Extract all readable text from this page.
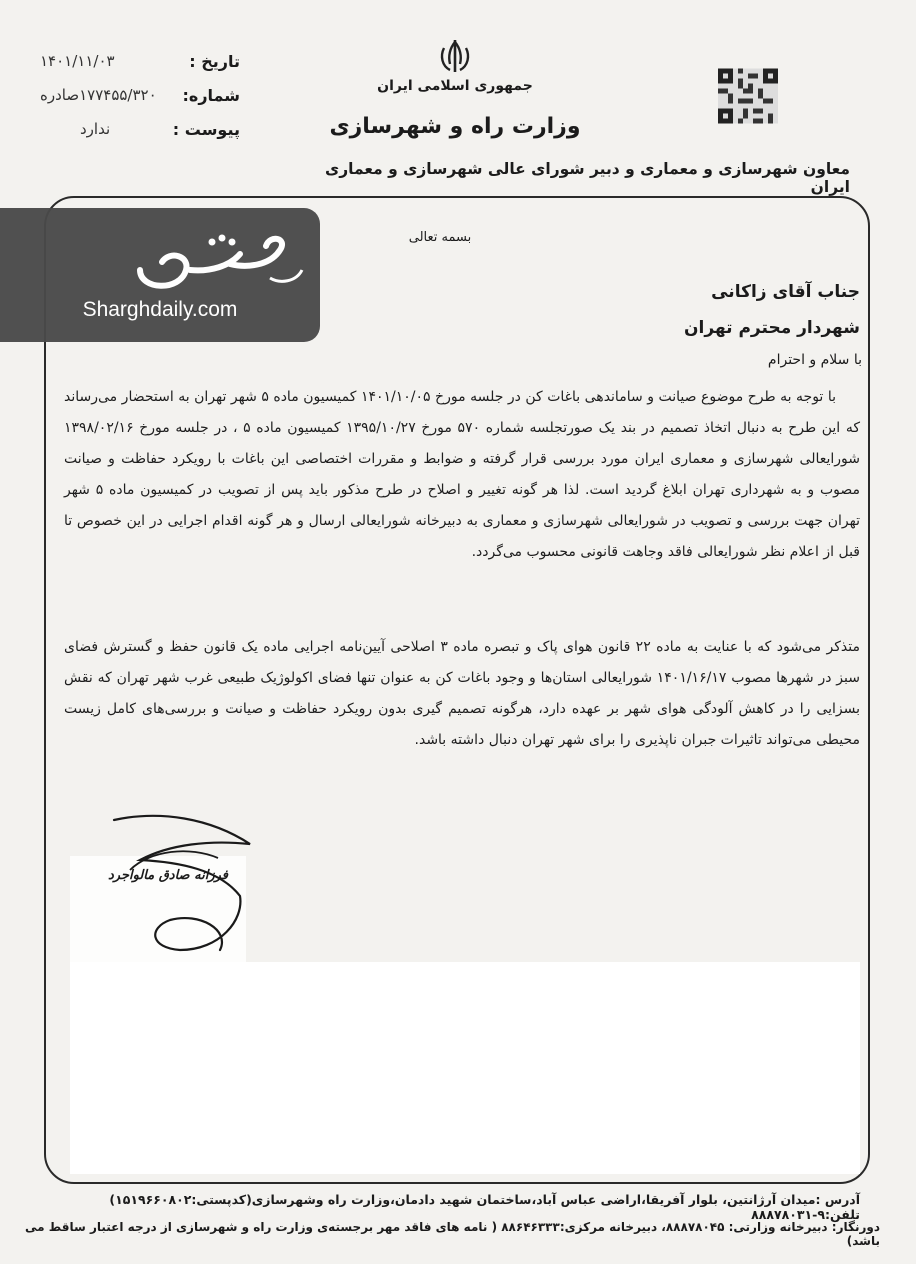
تاریخ :
۱۴۰۱/۱۱/۰۳
شماره:
۱۷۷۴۵۵/۳۲۰صادره
پیوست :
ندارد
جمهوری اسلامی ایران
وزارت راه و شهرسازی
معاون شهرسازی و معماری و دبیر شورای عالی شهرسازی و معماری ایران
بسمه تعالی
جناب آقای زاکانی
شهردار محترم تهران
با سلام و احترام
با توجه به طرح موضوع صیانت و ساماندهی باغات کن در جلسه مورخ ۱۴۰۱/۱۰/۰۵ کمیسیون ماده ۵ شهر تهران به استحضار می‌رساند که این طرح به دنبال اتخاذ تصمیم در بند یک صورتجلسه شماره ۵۷۰ مورخ ۱۳۹۵/۱۰/۲۷ کمیسیون ماده ۵ ، در جلسه مورخ ۱۳۹۸/۰۲/۱۶ شورایعالی شهرسازی و معماری ایران مورد بررسی قرار گرفته و ضوابط و مقررات اختصاصی این باغات با رویکرد حفاظت و صیانت مصوب و به شهرداری تهران ابلاغ گردید است. لذا هر گونه تغییر و اصلاح در طرح مذکور باید پس از تصویب در کمیسیون ماده ۵ شهر تهران جهت بررسی و تصویب در شورایعالی شهرسازی و معماری به دبیرخانه شورایعالی ارسال و هر گونه اقدام اجرایی در این خصوص تا قبل از اعلام نظر شورایعالی فاقد وجاهت قانونی محسوب می‌گردد.
متذکر می‌شود که با عنایت به ماده ۲۲ قانون هوای پاک و تبصره ماده ۳ اصلاحی آیین‌نامه اجرایی ماده یک قانون حفظ و گسترش فضای سبز در شهرها مصوب ۱۴۰۱/۱۶/۱۷ شورایعالی استان‌ها و وجود باغات کن به عنوان تنها فضای اکولوژیک طبیعی غرب شهر تهران که نقش بسزایی را در کاهش آلودگی هوای شهر بر عهده دارد، هرگونه تصمیم گیری بدون رویکرد حفاظت و صیانت و بررسی‌های کامل زیست محیطی می‌تواند تاثیرات جبران ناپذیری را برای شهر تهران دنبال داشته باشد.
فرزانه صادق مالواجرد
Sharghdaily.com
آدرس :میدان آرژانتین، بلوار آفریقا،اراضی عباس آباد،ساختمان شهید دادمان،وزارت راه وشهرسازی(کدپستی:۱۵۱۹۶۶۰۸۰۲) تلفن:۹-۸۸۸۷۸۰۳۱
دورنگار: دبیرخانه وزارتی: ۸۸۸۷۸۰۴۵، دبیرخانه مرکزی:۸۸۶۴۶۳۳۳ ( نامه های فاقد مهر برجسته‌ی وزارت راه و شهرسازی از درجه اعتبار ساقط می باشد)
